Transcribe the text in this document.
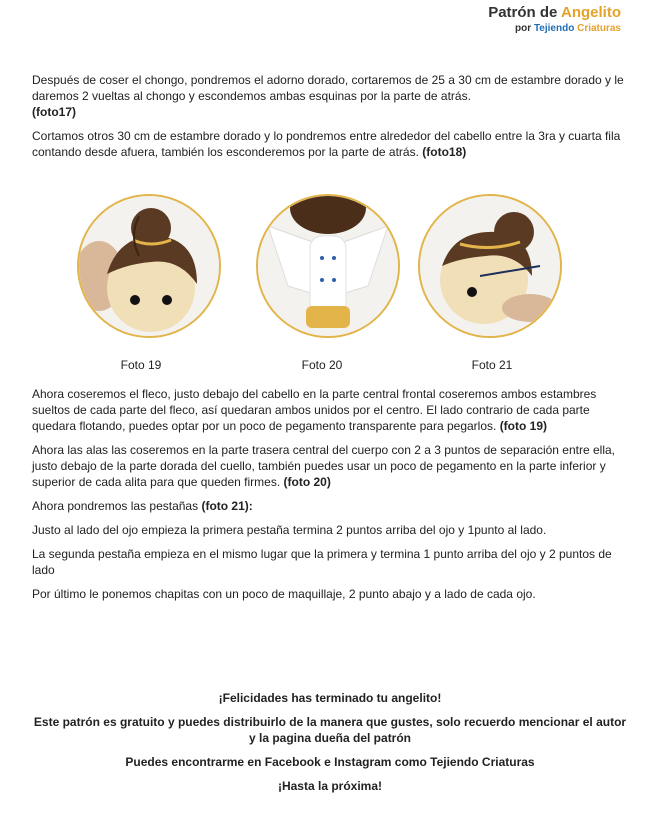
Patrón de Angelito
por Tejiendo Criaturas

Después de coser el chongo, pondremos el adorno dorado, cortaremos de 25 a 30 cm de estambre dorado y le daremos 2 vueltas al chongo y escondemos ambas esquinas por la parte de atrás.
(foto17)

Cortamos otros 30 cm de estambre dorado y lo pondremos entre alrededor del cabello entre la 3ra y cuarta fila contando desde afuera, también los esconderemos por la parte de atrás. (foto18)

Foto 19	Foto 20	Foto 21

Ahora coseremos el fleco, justo debajo del cabello en la parte central frontal coseremos ambos estambres sueltos de cada parte del fleco, así quedaran ambos unidos por el centro. El lado contrario de cada parte quedara flotando, puedes optar por un poco de pegamento transparente para pegarlos. (foto 19)

Ahora las alas las coseremos en la parte trasera central del cuerpo con 2 a 3 puntos de separación entre ella, justo debajo de la parte dorada del cuello, también puedes usar un poco de pegamento en la parte inferior y superior de cada alita para que queden firmes. (foto 20)

Ahora pondremos las pestañas (foto 21):

Justo al lado del ojo empieza la primera pestaña termina 2 puntos arriba del ojo y 1punto al lado.

La segunda pestaña empieza en el mismo lugar que la primera y termina 1 punto arriba del ojo y 2 puntos de lado

Por último le ponemos chapitas con un poco de maquillaje, 2 punto abajo y a lado de cada ojo.

¡Felicidades has terminado tu angelito!

Este patrón es gratuito y puedes distribuirlo de la manera que gustes, solo recuerdo mencionar el autor y la pagina dueña del patrón

Puedes encontrarme en Facebook e Instagram como Tejiendo Criaturas

¡Hasta la próxima!
